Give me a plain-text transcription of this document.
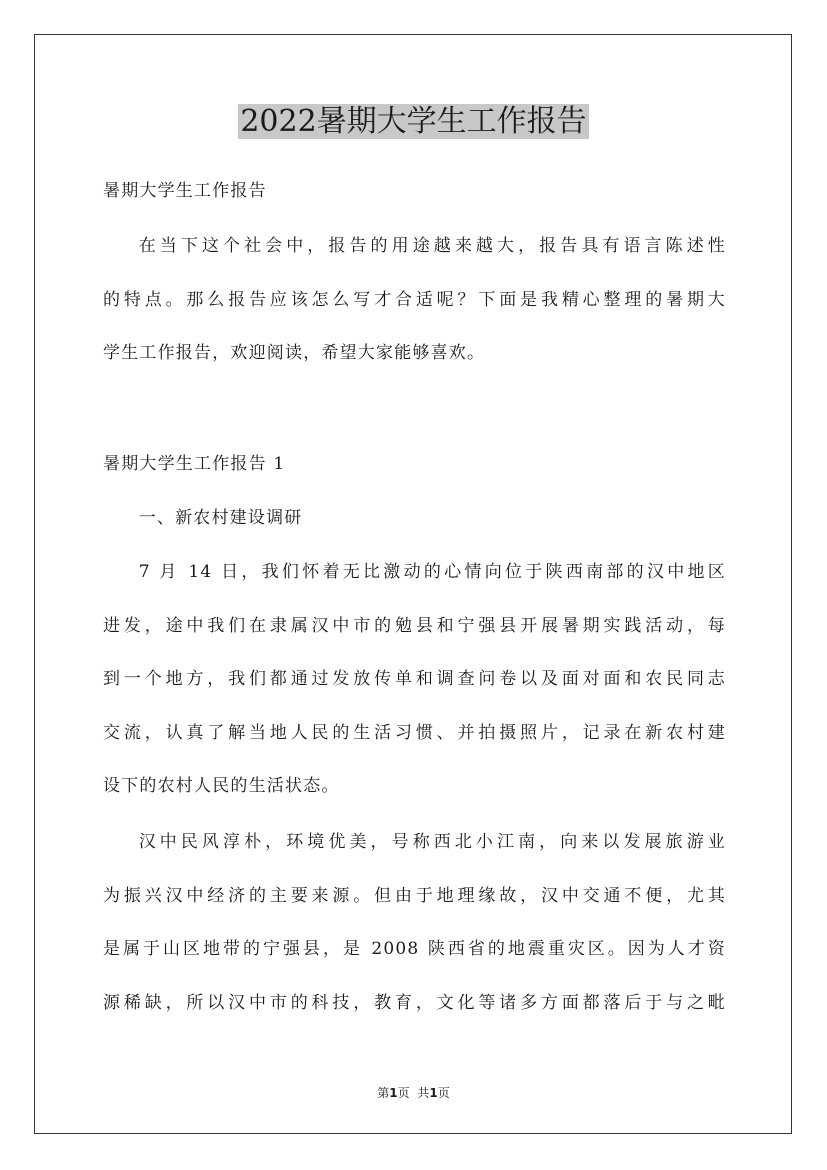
2022暑期大学生工作报告
暑期大学生工作报告
在当下这个社会中，报告的用途越来越大，报告具有语言陈述性
的特点。那么报告应该怎么写才合适呢？下面是我精心整理的暑期大
学生工作报告，欢迎阅读，希望大家能够喜欢。
暑期大学生工作报告 1
一、新农村建设调研
7 月 14 日，我们怀着无比激动的心情向位于陕西南部的汉中地区
进发，途中我们在隶属汉中市的勉县和宁强县开展暑期实践活动，每
到一个地方，我们都通过发放传单和调查问卷以及面对面和农民同志
交流，认真了解当地人民的生活习惯、并拍摄照片，记录在新农村建
设下的农村人民的生活状态。
汉中民风淳朴，环境优美，号称西北小江南，向来以发展旅游业
为振兴汉中经济的主要来源。但由于地理缘故，汉中交通不便，尤其
是属于山区地带的宁强县，是 2008 陕西省的地震重灾区。因为人才资
源稀缺，所以汉中市的科技，教育，文化等诸多方面都落后于与之毗
第1页 共1页
